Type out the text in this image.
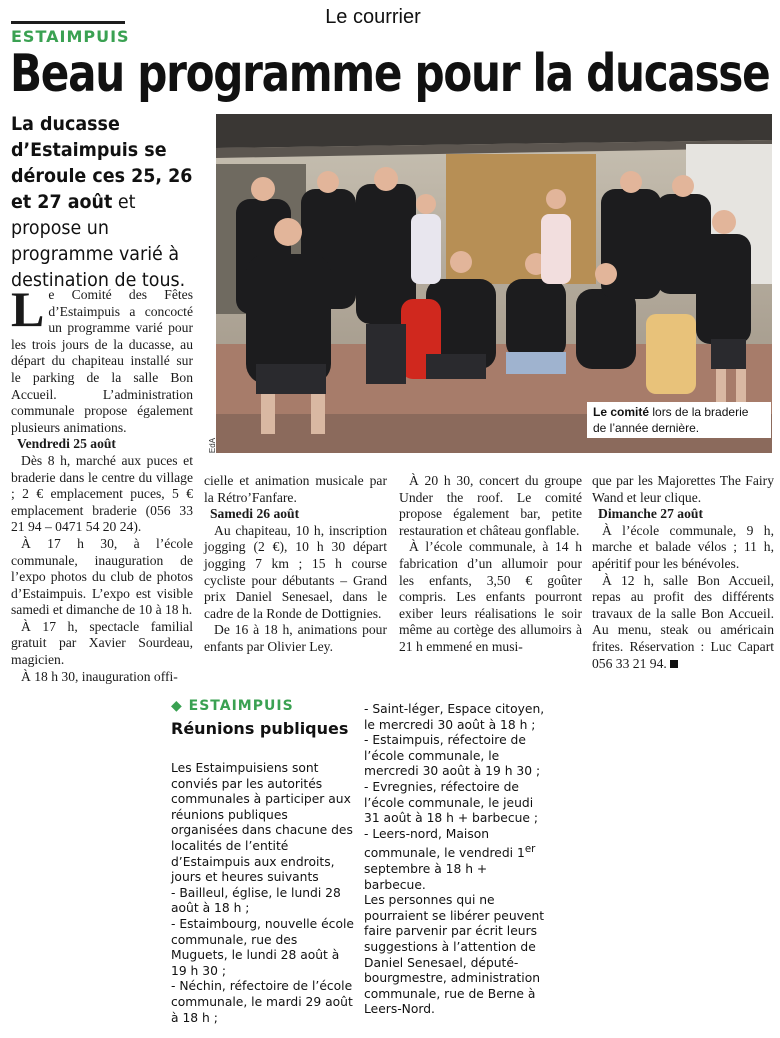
Le courrier
ESTAIMPUIS
Beau programme pour la ducasse
La ducasse d’Estaimpuis se déroule ces 25, 26 et 27 août et propose un programme varié à destination de tous.
Le comité lors de la braderie de l’année dernière.
EdA

Le Comité des Fêtes d’Estaimpuis a concocté un programme varié pour les trois jours de la ducasse, au départ du chapiteau installé sur le parking de la salle Bon Accueil. L’administration communale propose également plusieurs animations.

Vendredi 25 août

Dès 8 h, marché aux puces et braderie dans le centre du village ; 2 € emplacement puces, 5 € emplacement braderie (056 33 21 94 – 0471 54 20 24).

À 17 h 30, à l’école communale, inauguration de l’expo photos du club de photos d’Estaimpuis. L’expo est visible samedi et dimanche de 10 à 18 h.

À 17 h, spectacle familial gratuit par Xavier Sourdeau, magicien.

À 18 h 30, inauguration offi-

cielle et animation musicale par la Rétro’Fanfare.

Samedi 26 août

Au chapiteau, 10 h, inscription jogging (2 €), 10 h 30 départ jogging 7 km ; 15 h course cycliste pour débutants – Grand prix Daniel Senesael, dans le cadre de la Ronde de Dottignies.

De 16 à 18 h, animations pour enfants par Olivier Ley.

À 20 h 30, concert du groupe Under the roof. Le comité propose également bar, petite restauration et château gonflable.

À l’école communale, à 14 h fabrication d’un allumoir pour les enfants, 3,50 € goûter compris. Les enfants pourront exiber leurs réalisations le soir même au cortège des allumoirs à 21 h emmené en musi-

que par les Majorettes The Fairy Wand et leur clique.

Dimanche 27 août

À l’école communale, 9 h, marche et balade vélos ; 11 h, apéritif pour les bénévoles.

À 12 h, salle Bon Accueil, repas au profit des différents travaux de la salle Bon Accueil. Au menu, steak ou américain frites. Réservation : Luc Capart 056 33 21 94.

◆ ESTAIMPUIS
Réunions publiques

Les Estaimpuisiens sont conviés par les autorités communales à participer aux réunions publiques organisées dans chacune des localités de l’entité d’Estaimpuis aux endroits, jours et heures suivants

- Bailleul, église, le lundi 28 août à 18 h ;

- Estaimbourg, nouvelle école communale, rue des Muguets, le lundi 28 août à 19 h 30 ;

- Néchin, réfectoire de l’école communale, le mardi 29 août à 18 h ;

- Saint-léger, Espace citoyen, le mercredi 30 août à 18 h ;

- Estaimpuis, réfectoire de l’école communale, le mercredi 30 août à 19 h 30 ;

- Evregnies, réfectoire de l’école communale, le jeudi 31 août à 18 h + barbecue ;

- Leers-nord, Maison communale, le vendredi 1er septembre à 18 h + barbecue.

Les personnes qui ne pourraient se libérer peuvent faire parvenir par écrit leurs suggestions à l’attention de Daniel Senesael, député-bourgmestre, administration communale, rue de Berne à Leers-Nord.
